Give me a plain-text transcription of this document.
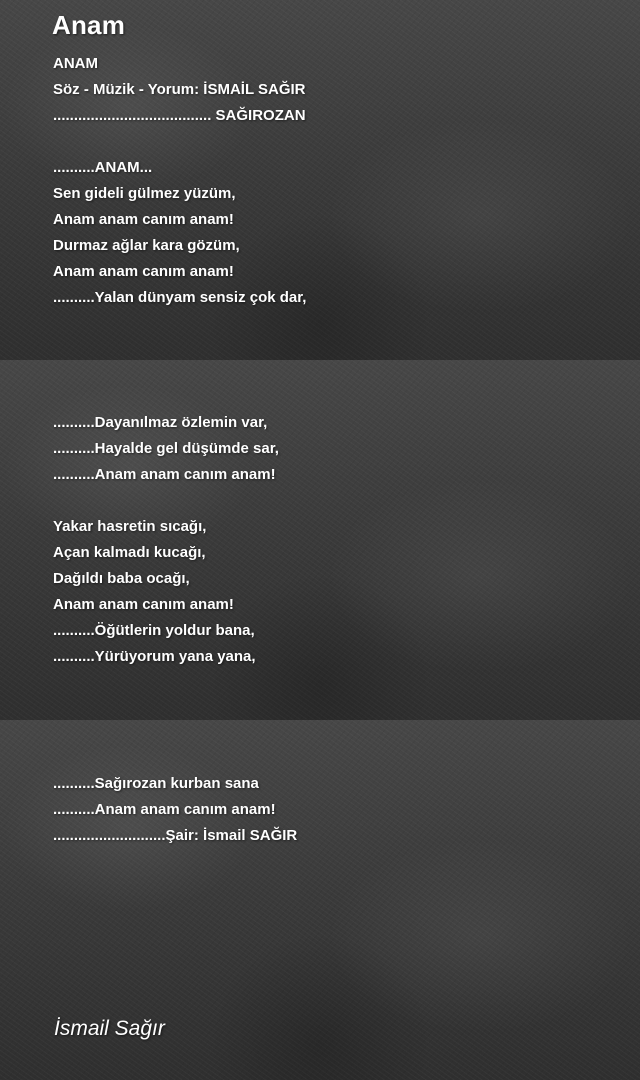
Anam
ANAM
Söz - Müzik - Yorum: İSMAİL SAĞIR
...................................... SAĞIROZAN
..........ANAM...
Sen gideli gülmez yüzüm,
Anam anam canım anam!
Durmaz ağlar kara gözüm,
Anam anam canım anam!
..........Yalan dünyam sensiz çok dar,
..........Dayanılmaz özlemin var,
..........Hayalde gel düşümde sar,
..........Anam anam canım anam!
Yakar hasretin sıcağı,
Açan kalmadı kucağı,
Dağıldı baba ocağı,
Anam anam canım anam!
..........Öğütlerin yoldur bana,
..........Yürüyorum yana yana,
..........Sağırozan kurban sana
..........Anam anam canım anam!
...........................Şair: İsmail SAĞIR
İsmail Sağır
